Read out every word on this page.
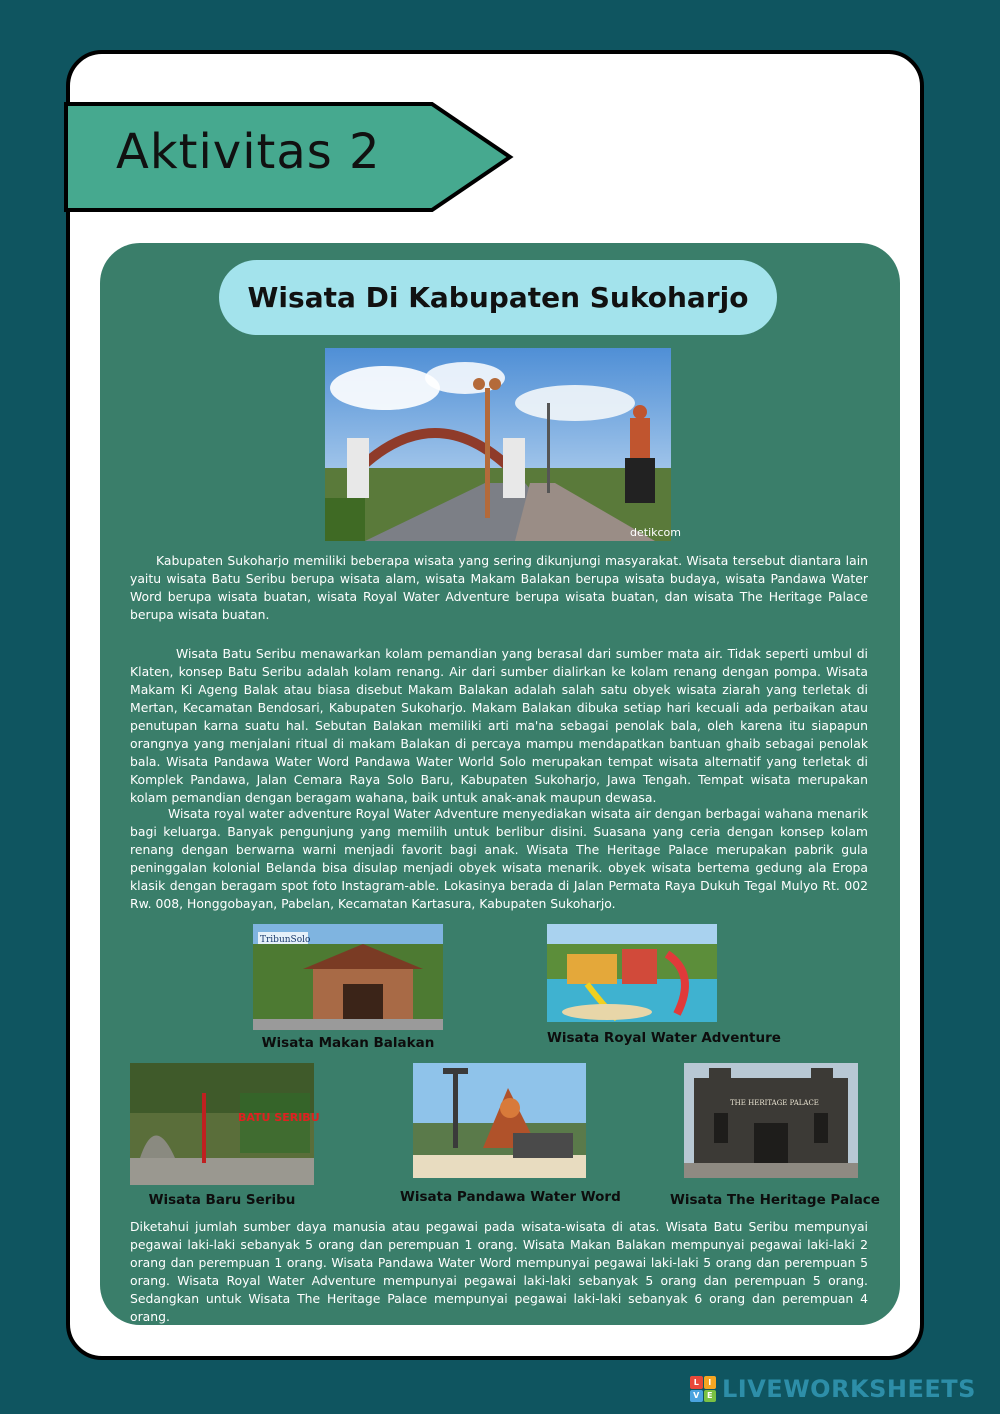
Aktivitas 2
Wisata Di Kabupaten Sukoharjo
detikcom

Kabupaten Sukoharjo memiliki beberapa wisata yang sering dikunjungi masyarakat. Wisata tersebut diantara lain yaitu wisata Batu Seribu berupa wisata alam, wisata Makam Balakan berupa wisata budaya, wisata Pandawa Water Word berupa wisata buatan, wisata Royal Water Adventure berupa wisata buatan, dan wisata The Heritage Palace berupa wisata buatan.

Wisata Batu Seribu menawarkan kolam pemandian yang berasal dari sumber mata air. Tidak seperti umbul di Klaten, konsep Batu Seribu adalah kolam renang. Air dari sumber dialirkan ke kolam renang dengan pompa. Wisata Makam Ki Ageng Balak atau biasa disebut Makam Balakan adalah salah satu obyek wisata ziarah yang terletak di Mertan, Kecamatan Bendosari, Kabupaten Sukoharjo. Makam Balakan dibuka setiap hari kecuali ada perbaikan atau penutupan karna suatu hal. Sebutan Balakan memiliki arti ma'na sebagai penolak bala, oleh karena itu siapapun orangnya yang menjalani ritual di makam Balakan di percaya mampu mendapatkan bantuan ghaib sebagai penolak bala. Wisata Pandawa Water Word Pandawa Water World Solo merupakan tempat wisata alternatif yang terletak di Komplek Pandawa, Jalan Cemara Raya Solo Baru, Kabupaten Sukoharjo, Jawa Tengah. Tempat wisata merupakan kolam pemandian dengan beragam wahana, baik untuk anak-anak maupun dewasa.

Wisata royal water adventure Royal Water Adventure menyediakan wisata air dengan berbagai wahana menarik bagi keluarga. Banyak pengunjung yang memilih untuk berlibur disini. Suasana yang ceria dengan konsep kolam renang dengan berwarna warni menjadi favorit bagi anak. Wisata The Heritage Palace merupakan pabrik gula peninggalan kolonial Belanda bisa disulap menjadi obyek wisata menarik. obyek wisata bertema gedung ala Eropa klasik dengan beragam spot foto Instagram-able. Lokasinya berada di Jalan Permata Raya Dukuh Tegal Mulyo Rt. 002 Rw. 008, Honggobayan, Pabelan, Kecamatan Kartasura, Kabupaten Sukoharjo.

TribunSolo
Wisata Makan Balakan	Wisata Royal Water Adventure
BATU SERIBU
Wisata Baru Seribu	Wisata Pandawa Water Word
THE HERITAGE PALACE
Wisata The Heritage Palace

Diketahui jumlah sumber daya manusia atau pegawai pada wisata-wisata di atas. Wisata Batu Seribu mempunyai pegawai laki-laki sebanyak 5 orang dan perempuan 1 orang. Wisata Makan Balakan mempunyai pegawai laki-laki 2 orang dan perempuan 1 orang. Wisata Pandawa Water Word mempunyai pegawai laki-laki 5 orang dan perempuan 5 orang. Wisata Royal Water Adventure mempunyai pegawai laki-laki sebanyak 5 orang dan perempuan 5 orang. Sedangkan untuk Wisata The Heritage Palace mempunyai pegawai laki-laki sebanyak 6 orang dan perempuan 4 orang.

L	I
V E LIVEWORKSHEETS
